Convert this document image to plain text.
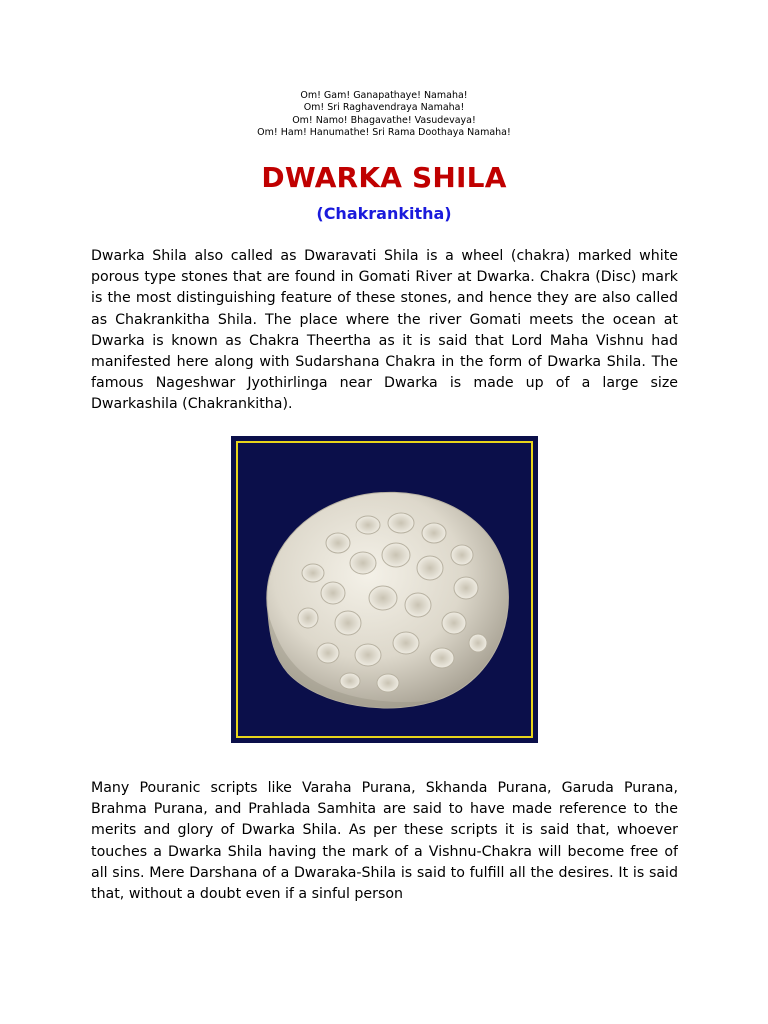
Om! Gam! Ganapathaye! Namaha!
Om! Sri Raghavendraya Namaha!
Om! Namo! Bhagavathe! Vasudevaya!
Om! Ham! Hanumathe! Sri Rama Doothaya Namaha!
DWARKA SHILA
(Chakrankitha)

Dwarka Shila also called as Dwaravati Shila is a wheel (chakra) marked white porous type stones that are found in Gomati River at Dwarka. Chakra (Disc) mark is the most distinguishing feature of these stones, and hence they are also called as Chakrankitha Shila. The place where the river Gomati meets the ocean at Dwarka is known as Chakra Theertha as it is said that Lord Maha Vishnu had manifested here along with Sudarshana Chakra in the form of Dwarka Shila. The famous Nageshwar Jyothirlinga near Dwarka is made up of a large size Dwarkashila (Chakrankitha).

Many Pouranic scripts like Varaha Purana, Skhanda Purana, Garuda Purana, Brahma Purana, and Prahlada Samhita are said to have made reference to the merits and glory of Dwarka Shila. As per these scripts it is said that, whoever touches a Dwarka Shila having the mark of a Vishnu-Chakra will become free of all sins. Mere Darshana of a Dwaraka-Shila is said to fulfill all the desires. It is said that, without a doubt even if a sinful person
